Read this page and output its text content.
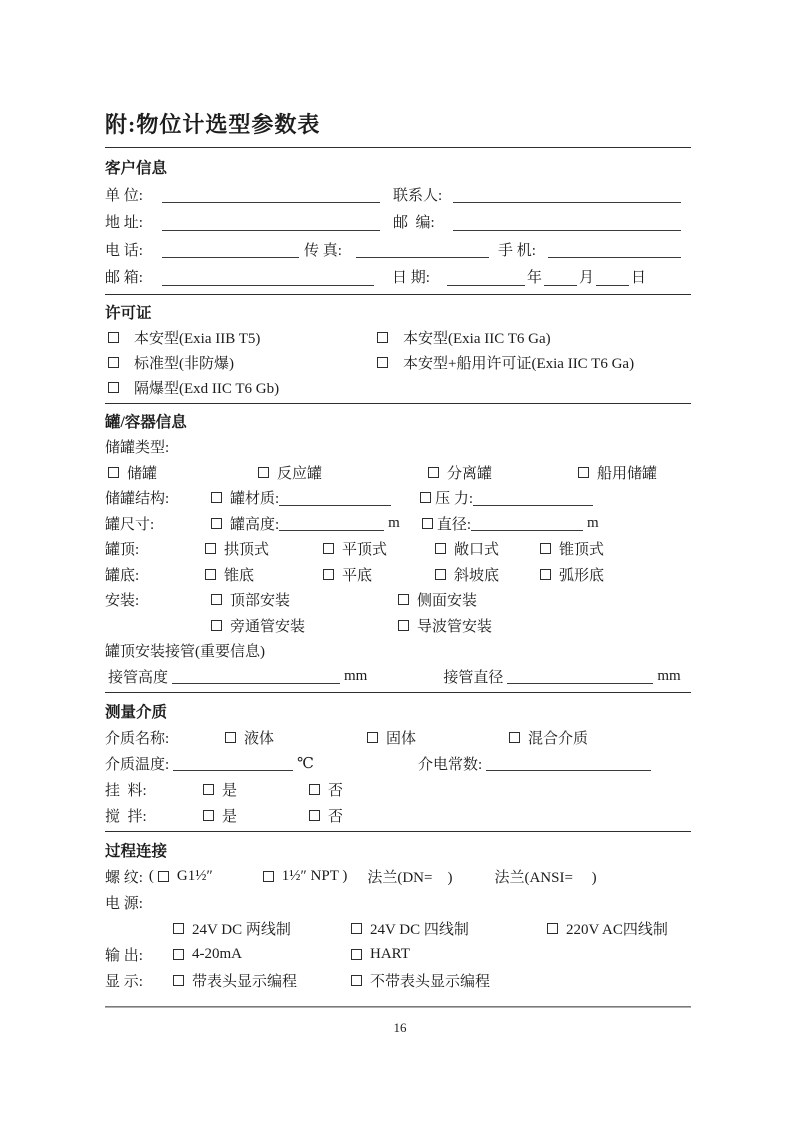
附:物位计选型参数表
客户信息
单 位:	联系人:
地 址:	邮  编:
电 话:	传 真:	手 机:
邮 箱:	日 期:	年 月 日
许可证
本安型(Exia IIB T5)	本安型(Exia IIC T6 Ga)
标准型(非防爆)	本安型+船用许可证(Exia IIC T6 Ga)
隔爆型(Exd IIC T6 Gb)
罐/容器信息
储罐类型:
储罐	反应罐	分离罐	船用储罐
储罐结构:	罐材质:	压 力:
罐尺寸:	罐高度:	m 直径:	m
罐顶:	拱顶式	平顶式	敞口式	锥顶式
罐底:	锥底	平底	斜坡底	弧形底
安装:	顶部安装	侧面安装
旁通管安装	导波管安装
罐顶安装接管(重要信息)
接管高度	mm	接管直径	mm
测量介质
介质名称:	液体	固体	混合介质
介质温度:	℃	介电常数:
挂  料:	是	否
搅  拌:	是	否
过程连接
螺 纹: ( G1½″	1½″ NPT ) 法兰(DN=    )	法兰(ANSI=     )
电 源:
24V DC 两线制	24V DC 四线制	220V AC四线制
输 出:	4-20mA	HART
显 示:	带表头显示编程	不带表头显示编程
16
